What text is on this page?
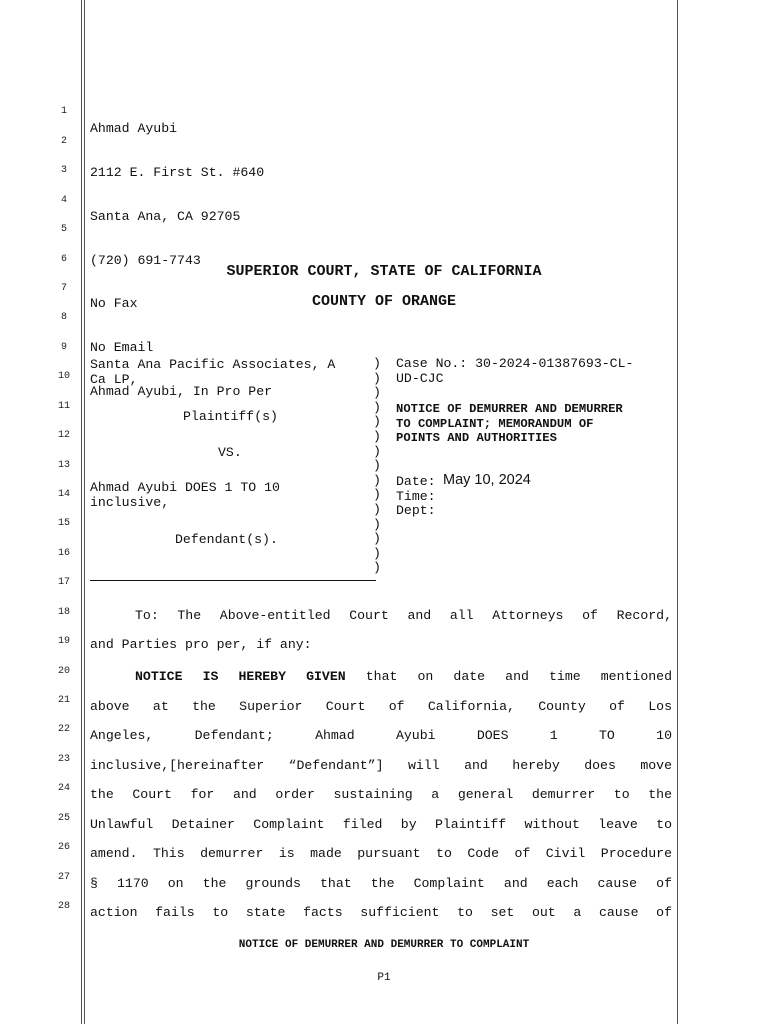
1
2
3
4
5
6
7
8
9
10
11
12
13
14
15
16
17
18
19
20
21
22
23
24
25
26
27
28

Ahmad Ayubi

2112 E. First St. #640

Santa Ana, CA 92705

(720) 691-7743

No Fax

No Email

Ahmad Ayubi, In Pro Per

SUPERIOR COURT, STATE OF CALIFORNIA
COUNTY OF ORANGE
Santa Ana Pacific Associates, A
Ca LP,
Plaintiff(s)
VS.
Ahmad Ayubi DOES 1 TO 10
inclusive,
Defendant(s).
)
)
)
)
)
)
)
)
)
)
)
)
)
)
)
Case No.: 30-2024-01387693-CL-
UD-CJC
NOTICE OF DEMURRER AND DEMURRER
TO COMPLAINT; MEMORANDUM OF
POINTS AND AUTHORITIES
Date: May 10, 2024
Time:
Dept:
To: The Above-entitled Court and all Attorneys of Record,
and Parties pro per, if any:
NOTICE IS HEREBY GIVEN that on date and time mentioned
above at the Superior Court of California, County of Los
Angeles, Defendant; Ahmad Ayubi DOES 1 TO 10
inclusive,[hereinafter “Defendant”] will and hereby does move
the Court for and order sustaining a general demurrer to the
Unlawful Detainer Complaint filed by Plaintiff without leave to
amend. This demurrer is made pursuant to Code of Civil Procedure
§ 1170 on the grounds that the Complaint and each cause of
action fails to state facts sufficient to set out a cause of
NOTICE OF DEMURRER AND DEMURRER TO COMPLAINT
P1
